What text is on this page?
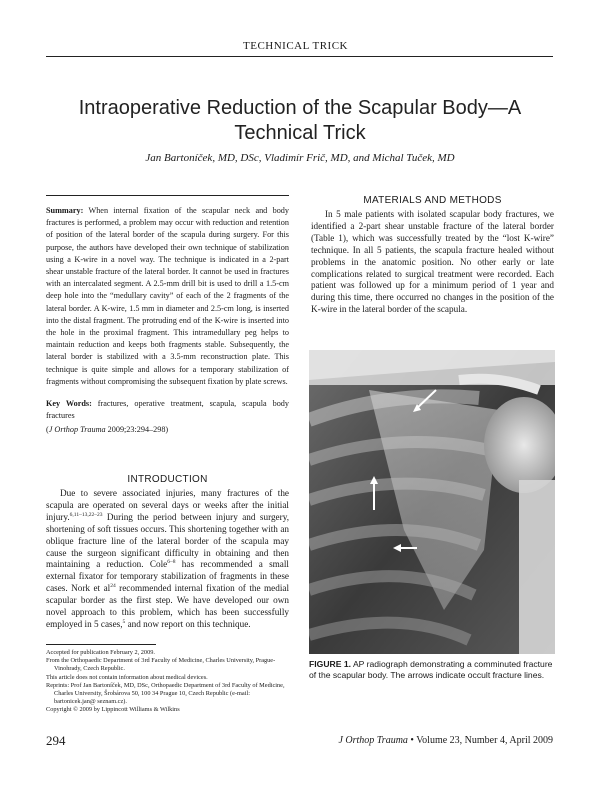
TECHNICAL TRICK
Intraoperative Reduction of the Scapular Body—A Technical Trick
Jan Bartoníček, MD, DSc, Vladimír Frič, MD, and Michal Tuček, MD
Summary: When internal fixation of the scapular neck and body fractures is performed, a problem may occur with reduction and retention of position of the lateral border of the scapula during surgery. For this purpose, the authors have developed their own technique of stabilization using a K-wire in a novel way. The technique is indicated in a 2-part shear unstable fracture of the lateral border. It cannot be used in fractures with an intercalated segment. A 2.5-mm drill bit is used to drill a 1.5-cm deep hole into the “medullary cavity” of each of the 2 fragments of the lateral border. A K-wire, 1.5 mm in diameter and 2.5-cm long, is inserted into the distal fragment. The protruding end of the K-wire is inserted into the hole in the proximal fragment. This intramedullary peg helps to maintain reduction and keeps both fragments stable. Subsequently, the lateral border is stabilized with a 3.5-mm reconstruction plate. This technique is quite simple and allows for a temporary stabilization of fragments without compromising the subsequent fixation by plate screws.
Key Words: fractures, operative treatment, scapula, scapula body fractures
(J Orthop Trauma 2009;23:294–298)
INTRODUCTION
Due to severe associated injuries, many fractures of the scapula are operated on several days or weeks after the initial injury.$^{6,11-13,22-23}$ During the period between injury and surgery, shortening of soft tissues occurs. This shortening together with an oblique fracture line of the lateral border of the scapula may cause the surgeon significant difficulty in obtaining and then maintaining a reduction. Cole$^{6-8}$ has recommended a small external fixator for temporary stabilization of fragments in these cases. Nork et $al^{24}$ recommended internal fixation of the medial scapular border as the first step. We have developed our own novel approach to this problem, which has been successfully employed in 5 cases,$^5$ and now report on this technique.
MATERIALS AND METHODS
In 5 male patients with isolated scapular body fractures, we identified a 2-part shear unstable fracture of the lateral border (Table 1), which was successfully treated by the “lost K-wire” technique. In all 5 patients, the scapula fracture healed without problems in the anatomic position. No other early or late complications related to surgical treatment were recorded. Each patient was followed up for a minimum period of 1 year and during this time, there occurred no changes in the position of the K-wire in the lateral border of the scapula.
FIGURE 1. AP radiograph demonstrating a comminuted fracture of the scapular body. The arrows indicate occult fracture lines.

Accepted for publication February 2, 2009.

From the Orthopaedic Department of 3rd Faculty of Medicine, Charles University, Prague-Vinohrady, Czech Republic.

This article does not contain information about medical devices.

Reprints: Prof Jan Bartoníček, MD, DSc, Orthopaedic Department of 3rd Faculty of Medicine, Charles University, Šrobárova 50, 100 34 Prague 10, Czech Republic (e-mail: bartonicek.jan@ seznam.cz).

Copyright © 2009 by Lippincott Williams & Wilkins

294	J Orthop Trauma • Volume 23, Number 4, April 2009
